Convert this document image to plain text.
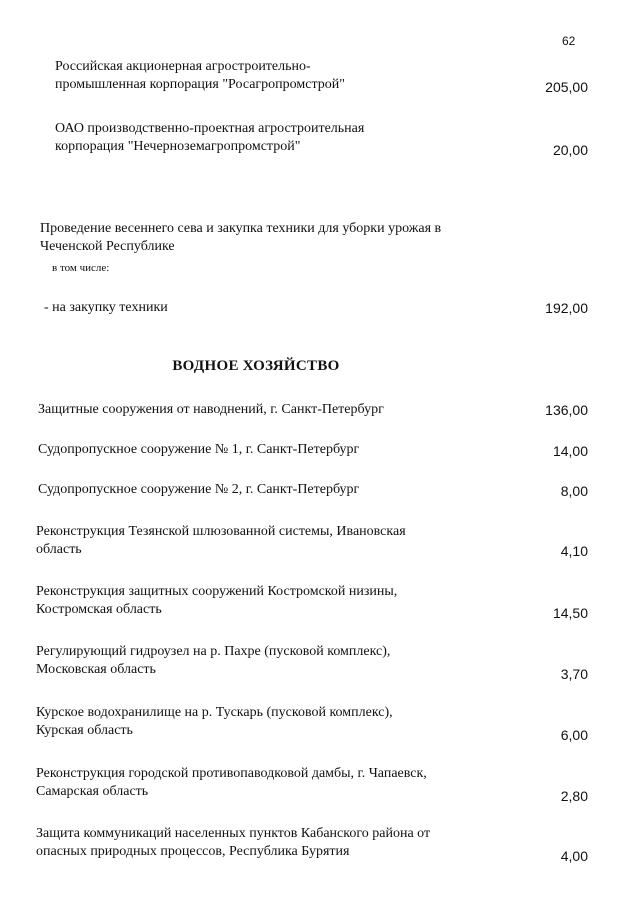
62
Российская акционерная агростроительно-
промышленная корпорация "Росагропромстрой"	205,00
ОАО производственно-проектная агростроительная
корпорация "Нечерноземагропромстрой"	20,00
Проведение весеннего сева и закупка техники для уборки урожая в
Чеченской Республике
в том числе:
- на закупку техники	192,00
ВОДНОЕ ХОЗЯЙСТВО
Защитные сооружения от наводнений, г. Санкт-Петербург	136,00
Судопропускное сооружение № 1, г. Санкт-Петербург	14,00
Судопропускное сооружение № 2, г. Санкт-Петербург	8,00
Реконструкция Тезянской шлюзованной системы, Ивановская
область	4,10
Реконструкция защитных сооружений Костромской низины,
Костромская область	14,50
Регулирующий гидроузел на р. Пахре (пусковой комплекс),
Московская область	3,70
Курское водохранилище на р. Тускарь (пусковой комплекс),
Курская область	6,00
Реконструкция городской противопаводковой дамбы, г. Чапаевск,
Самарская область	2,80
Защита коммуникаций населенных пунктов Кабанского района от
опасных природных процессов, Республика Бурятия	4,00
